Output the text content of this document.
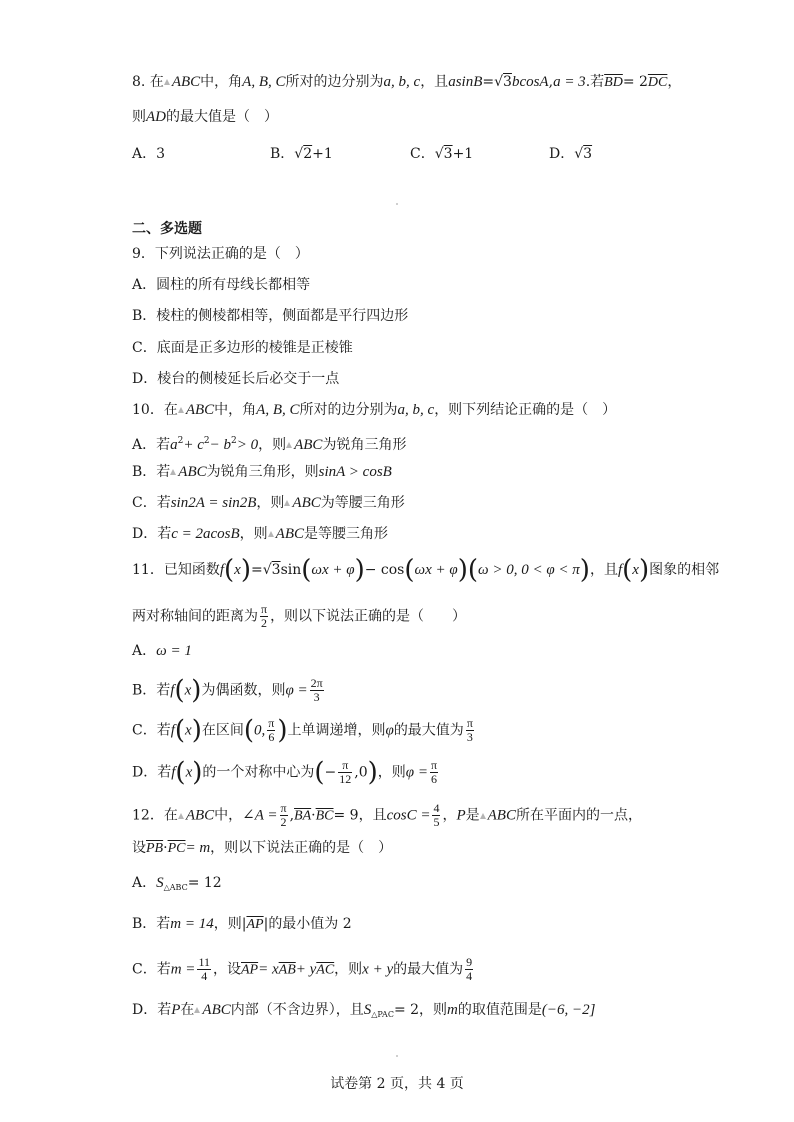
8. 在 ABC中，角A, B, C所对的边分别为a, b, c，且asinB=√3bcosA,a = 3.若$\overline{BD}= 2\overline{DC}$，
则AD的最大值是（　）
A．3	B．√2+1	C．√3+1	D．√3
二、多选题
9．下列说法正确的是（　）
A．圆柱的所有母线长都相等
B．棱柱的侧棱都相等，侧面都是平行四边形
C．底面是正多边形的棱锥是正棱锥
D．棱台的侧棱延长后必交于一点
10．在 ABC中，角A, B, C所对的边分别为a, b, c，则下列结论正确的是（　）
A．若$a^2+ c^2- b^2> 0$，则 ABC为锐角三角形
B．若 ABC为锐角三角形，则sinA > cosB
C．若sin2A = sin2B，则 ABC为等腰三角形
D．若c = 2acosB，则 ABC是等腰三角形
11．已知函数f(x)=√3sin(ωx + φ)− cos(ωx + φ)(ω > 0, 0 < φ < π)，且f(x)图象的相邻
两对称轴间的距离为 $\frac{\pi}{2}$ ，则以下说法正确的是（　　）
A．ω = 1
B．若f(x)为偶函数，则$\varphi = \frac{2\pi}{3}$
C．若f(x)在区间(0, $\frac{\pi}{6}$ )上单调递增，则φ的最大值为 $\frac{\pi}{3}$
D．若f(x)的一个对称中心为(− $\frac{\pi}{12} ,0$)，则$\varphi = \frac{\pi}{6}$
12．在 ABC中，∠A = $\frac{\pi}{2} ,\overline{BA}\cdot\overline{BC}= 9$，且$\cos C = \frac{4}{5}$ ，P是 ABC所在平面内的一点，
设$\overline{PB}\cdot\overline{PC}= m$，则以下说法正确的是（　）
A．$S_{\triangle ABC}= 12$
B．若m = 14，则$|\overline{AP}|$的最小值为 2
C．若$m = \frac{11}{4}$ ，设$\overline{AP}= x\overline{AB}+ y\overline{AC}$，则x + y的最大值为 $\frac{9}{4}$
D．若P在 ABC内部（不含边界），且$S_{\triangle PAC}= 2$，则m的取值范围是(−6, −2]
试卷第 2 页，共 4 页
